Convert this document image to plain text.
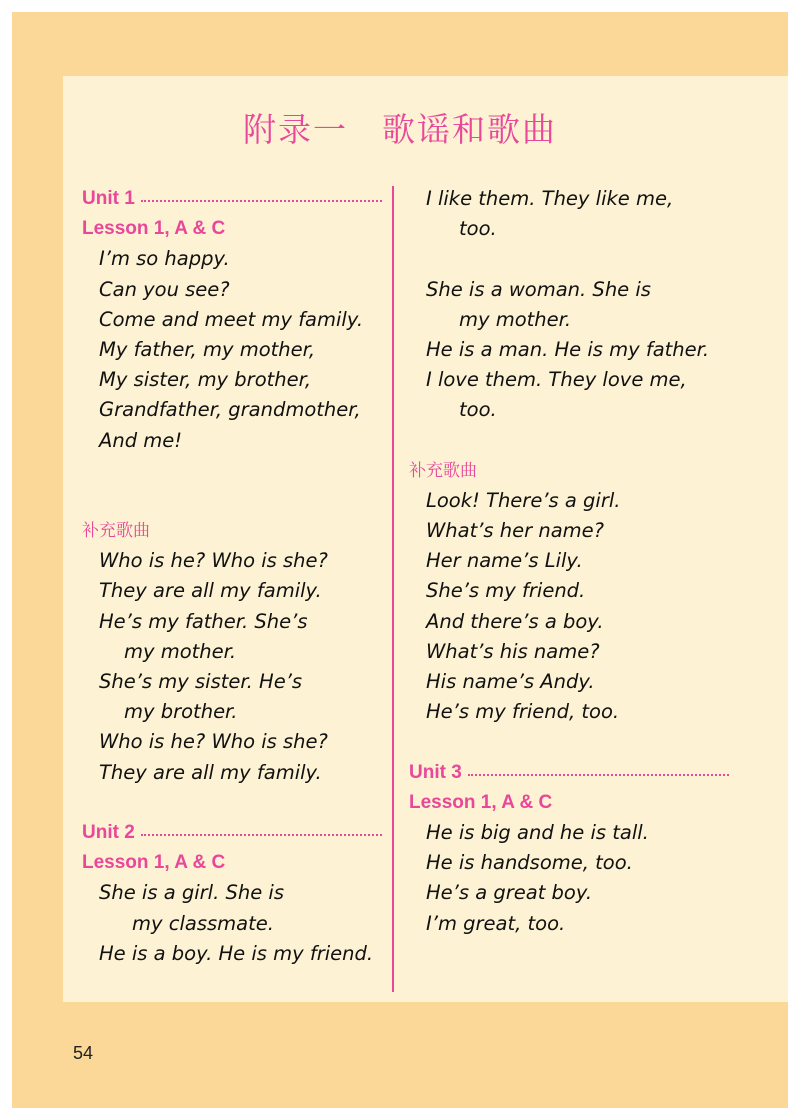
附录一 歌谣和歌曲
Unit 1
Lesson 1, A & C
I’m so happy.
Can you see?
Come and meet my family.
My father, my mother,
My sister, my brother,
Grandfather, grandmother,
And me!
补充歌曲
Who is he? Who is she?
They are all my family.
He’s my father. She’s
my mother.
She’s my sister. He’s
my brother.
Who is he? Who is she?
They are all my family.
Unit 2
Lesson 1, A & C
She is a girl. She is
my classmate.
He is a boy. He is my friend.
I like them. They like me,
too.
She is a woman. She is
my mother.
He is a man. He is my father.
I love them. They love me,
too.
补充歌曲
Look! There’s a girl.
What’s her name?
Her name’s Lily.
She’s my friend.
And there’s a boy.
What’s his name?
His name’s Andy.
He’s my friend, too.
Unit 3
Lesson 1, A & C
He is big and he is tall.
He is handsome, too.
He’s a great boy.
I’m great, too.
54
